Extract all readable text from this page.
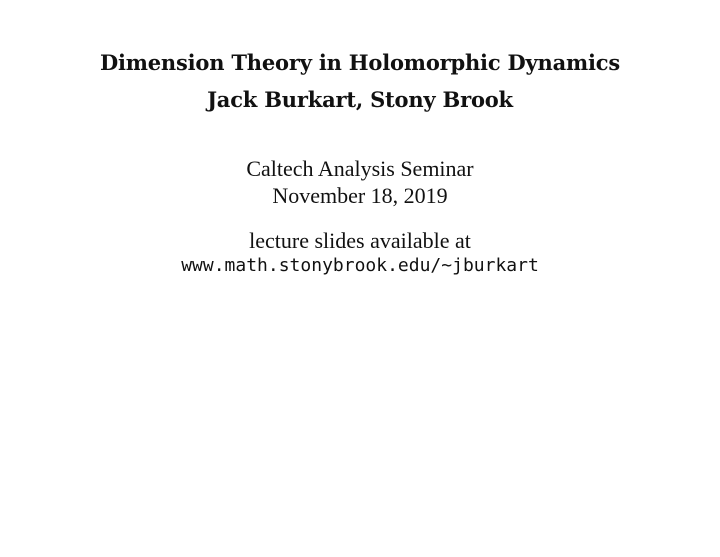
Dimension Theory in Holomorphic Dynamics
Jack Burkart, Stony Brook
Caltech Analysis Seminar
November 18, 2019
lecture slides available at
www.math.stonybrook.edu/~jburkart
